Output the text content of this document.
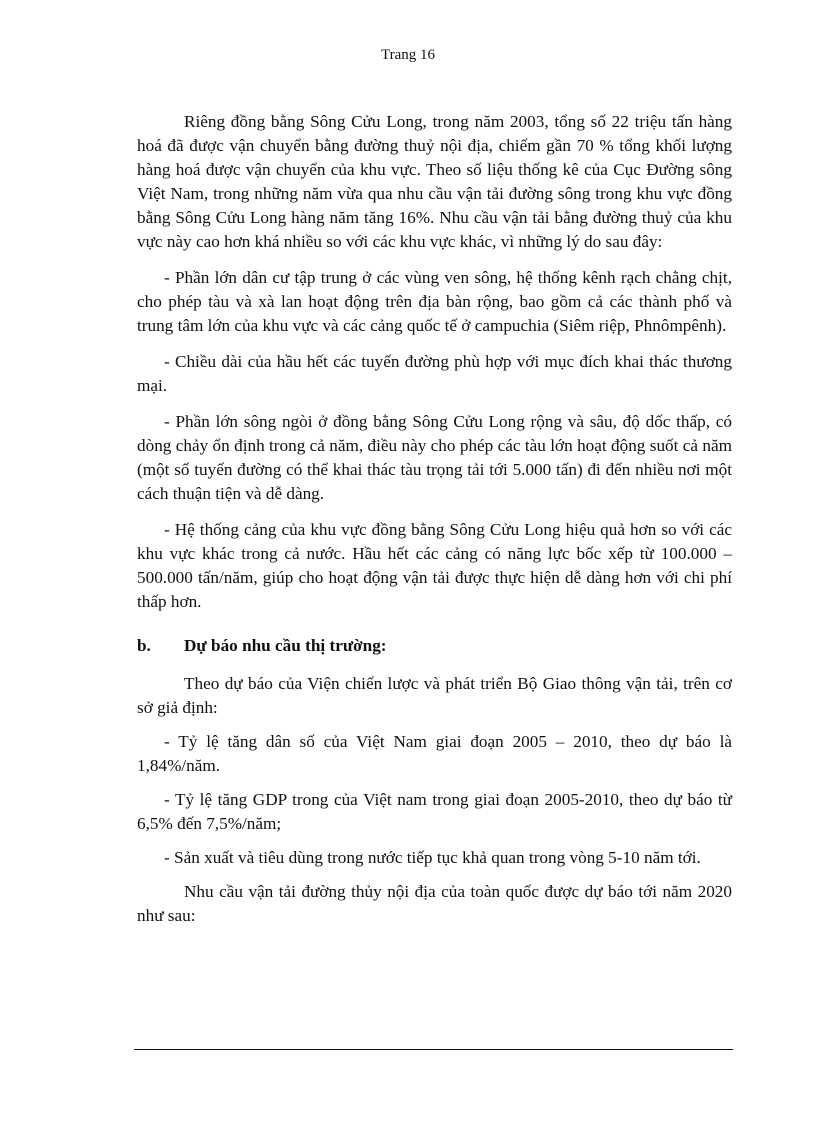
Trang 16

Riêng đồng bằng Sông Cửu Long, trong năm 2003, tổng số 22 triệu tấn hàng hoá đã được vận chuyển bằng đường thuỷ nội địa, chiếm gần 70 % tổng khối lượng hàng hoá được vận chuyển của khu vực. Theo số liệu thống kê của Cục Đường sông Việt Nam, trong những năm vừa qua nhu cầu vận tải đường sông trong khu vực đồng bằng Sông Cửu Long hàng năm tăng 16%. Nhu cầu vận tải bằng đường thuỷ của khu vực này cao hơn khá nhiều so với các khu vực khác, vì những lý do sau đây:

- Phần lớn dân cư tập trung ở các vùng ven sông, hệ thống kênh rạch chằng chịt, cho phép tàu và xà lan hoạt động trên địa bàn rộng, bao gồm cả các thành phố và trung tâm lớn của khu vực và các cảng quốc tế ở campuchia (Siêm riệp, Phnômpênh).

- Chiều dài của hầu hết các tuyến đường phù hợp với mục đích khai thác thương mại.

- Phần lớn sông ngòi ở đồng bằng Sông Cửu Long rộng và sâu, độ dốc thấp, có dòng chảy ổn định trong cả năm, điều này cho phép các tàu lớn hoạt động suốt cả năm (một số tuyến đường có thể khai thác tàu trọng tải tới 5.000 tấn) đi đến nhiều nơi một cách thuận tiện và dễ dàng.

- Hệ thống cảng của khu vực đồng bằng Sông Cửu Long hiệu quả hơn so với các khu vực khác trong cả nước. Hầu hết các cảng có năng lực bốc xếp từ 100.000 – 500.000 tấn/năm, giúp cho hoạt động vận tải được thực hiện dễ dàng hơn với chi phí thấp hơn.

b. Dự báo nhu cầu thị trường:

Theo dự báo của Viện chiến lược và phát triển Bộ Giao thông vận tải, trên cơ sở giả định:

- Tỷ lệ tăng dân số của Việt Nam giai đoạn 2005 – 2010, theo dự báo là 1,84%/năm.

- Tỷ lệ tăng GDP trong của Việt nam trong giai đoạn 2005-2010, theo dự báo từ 6,5% đến 7,5%/năm;

- Sản xuất và tiêu dùng trong nước tiếp tục khả quan trong vòng 5-10 năm tới.

Nhu cầu vận tải đường thủy nội địa của toàn quốc được dự báo tới năm 2020 như sau:
